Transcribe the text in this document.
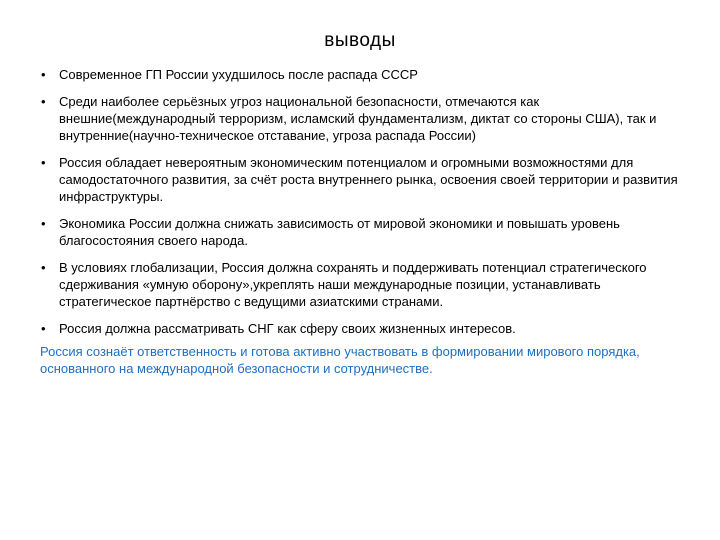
выводы
• Современное ГП России ухудшилось после распада СССР
• Среди наиболее серьёзных угроз национальной безопасности, отмечаются как внешние(международный терроризм, исламский фундаментализм, диктат со стороны США), так и внутренние(научно-техническое отставание, угроза распада России)
• Россия обладает невероятным экономическим потенциалом и огромными возможностями для самодостаточного развития, за счёт роста внутреннего рынка, освоения своей территории и развития инфраструктуры.
• Экономика России должна снижать зависимость от мировой экономики и повышать уровень благосостояния своего народа.
• В условиях глобализации, Россия должна сохранять и поддерживать потенциал стратегического сдерживания «умную оборону»,укреплять наши международные позиции, устанавливать стратегическое партнёрство с ведущими азиатскими странами.
• Россия должна рассматривать СНГ как сферу своих жизненных интересов.
Россия сознаёт ответственность и готова активно участвовать в формировании мирового порядка, основанного на международной безопасности и сотрудничестве.
